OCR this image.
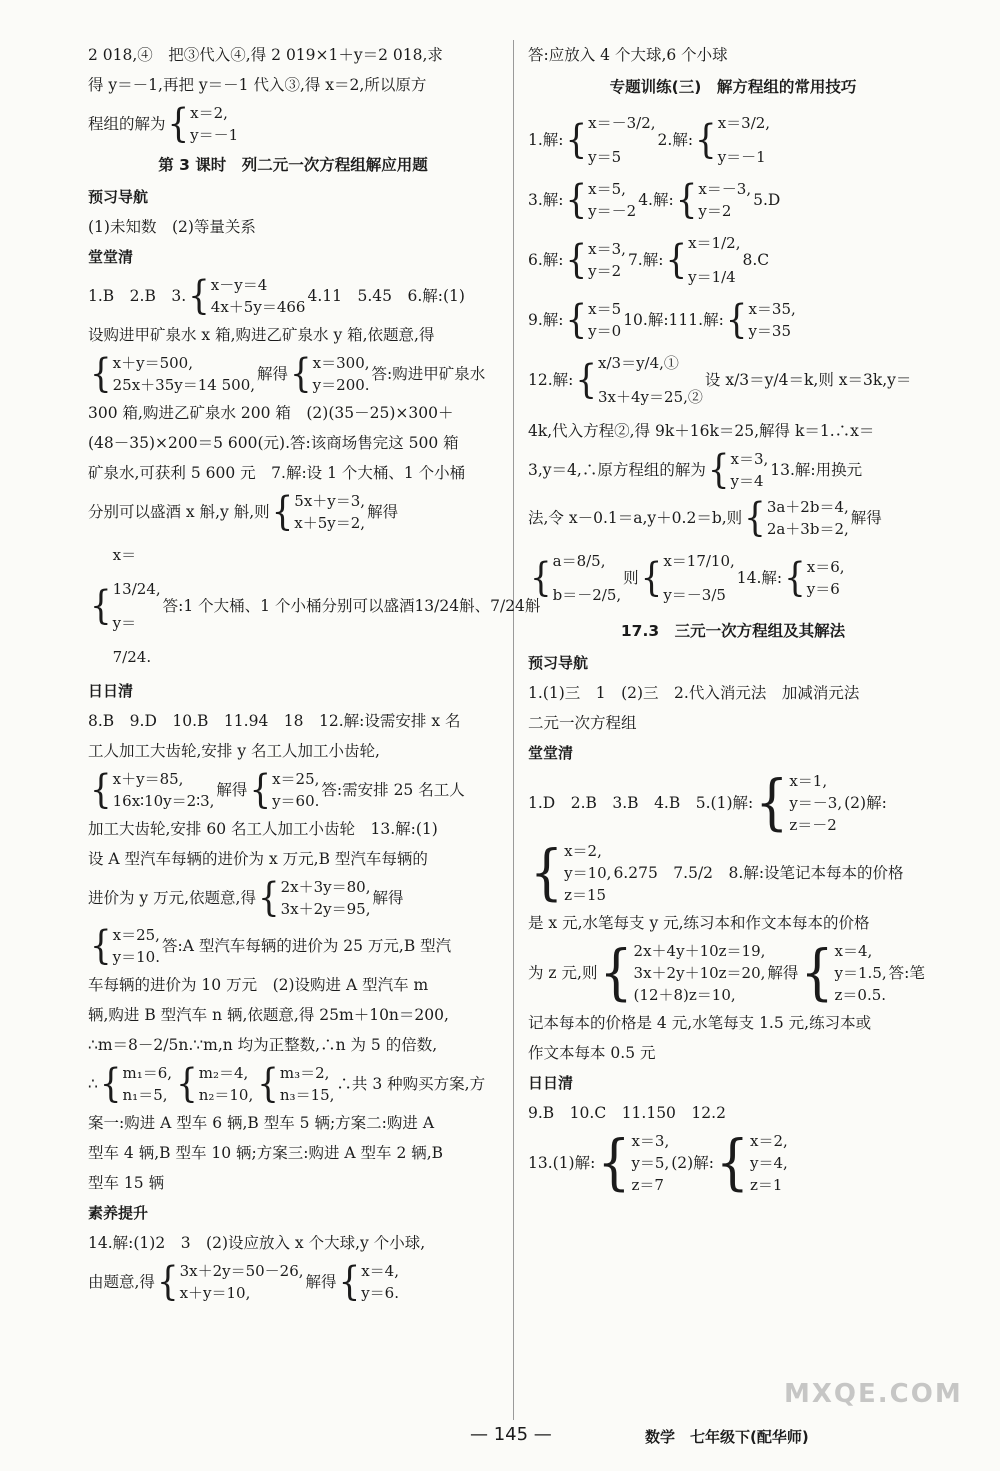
2 018,④　把③代入④,得 2 019×1＋y＝2 018,求
得 y＝－1,再把 y＝－1 代入③,得 x＝2,所以原方
程组的解为 { x＝2,
y＝－1
第 3 课时　列二元一次方程组解应用题
预习导航
(1)未知数　(2)等量关系
堂堂清
1.B　2.B　3. { x－y＝4
4x＋5y＝466
4.11　5.45　6.解:(1)
设购进甲矿泉水 x 箱,购进乙矿泉水 y 箱,依题意,得
{ x＋y＝500,
25x＋35y＝14 500,
解得 { x＝300,
y＝200.
答:购进甲矿泉水
300 箱,购进乙矿泉水 200 箱　(2)(35－25)×300＋
(48－35)×200＝5 600(元).答:该商场售完这 500 箱
矿泉水,可获利 5 600 元　7.解:设 1 个大桶、1 个小桶
分别可以盛酒 x 斛,y 斛,则 { 5x＋y＝3,
x＋5y＝2,
解得
{
x＝13/24,
y＝7/24.
答:1 个大桶、1 个小桶分别可以盛酒13/24斛、7/24斛
日日清
8.B　9.D　10.B　11.94　18　12.解:设需安排 x 名
工人加工大齿轮,安排 y 名工人加工小齿轮,
{ x＋y＝85,
16x∶10y＝2∶3,
解得 { x＝25,
y＝60.
答:需安排 25 名工人
加工大齿轮,安排 60 名工人加工小齿轮　13.解:(1)
设 A 型汽车每辆的进价为 x 万元,B 型汽车每辆的
进价为 y 万元,依题意,得 { 2x＋3y＝80,
3x＋2y＝95,
解得
{ x＝25,
y＝10.
答:A 型汽车每辆的进价为 25 万元,B 型汽
车每辆的进价为 10 万元　(2)设购进 A 型汽车 m
辆,购进 B 型汽车 n 辆,依题意,得 25m＋10n＝200,
∴m＝8－2/5n.∵m,n 均为正整数,∴n 为 5 的倍数,
∴ { m₁＝6,
n₁＝5, { m₂＝4,
n₂＝10, { m₃＝2,
n₃＝15,
∴共 3 种购买方案,方
案一:购进 A 型车 6 辆,B 型车 5 辆;方案二:购进 A
型车 4 辆,B 型车 10 辆;方案三:购进 A 型车 2 辆,B
型车 15 辆
素养提升
14.解:(1)2　3　(2)设应放入 x 个大球,y 个小球,
由题意,得 { 3x＋2y＝50－26,
x＋y＝10,
解得 { x＝4,
y＝6.
答:应放入 4 个大球,6 个小球
专题训练(三)　解方程组的常用技巧
1.解: { x＝－3/2,
y＝5
2.解: { x＝3/2,
y＝－1
3.解: { x＝5,
y＝－2
4.解: { x＝－3,
y＝2
5.D
6.解: { x＝3,
y＝2
7.解: { x＝1/2,
y＝1/4
8.C
9.解: { x＝5
y＝0
10.解:1 11.解: { x＝35,
y＝35
12.解: { x/3＝y/4,①
3x＋4y＝25,②
设 x/3＝y/4＝k,则 x＝3k,y＝
4k,代入方程②,得 9k＋16k＝25,解得 k＝1.∴x＝
3,y＝4,∴原方程组的解为 { x＝3,
y＝4
13.解:用换元
法,令 x－0.1＝a,y＋0.2＝b,则 { 3a＋2b＝4,
2a＋3b＝2,
解得
{ a＝8/5,
b＝－2/5,
则 { x＝17/10,
y＝－3/5
14.解: { x＝6,
y＝6
17.3　三元一次方程组及其解法
预习导航
1.(1)三　1　(2)三　2.代入消元法　加减消元法
二元一次方程组
堂堂清
1.D　2.B　3.B　4.B　5.(1)解: { x＝1,
y＝－3,
z＝－2
(2)解:
{ x＝2,
y＝10,
z＝15
6.275　7.5/2　8.解:设笔记本每本的价格
是 x 元,水笔每支 y 元,练习本和作文本每本的价格
为 z 元,则 { 2x＋4y＋10z＝19,
3x＋2y＋10z＝20,
(12＋8)z＝10,
解得 { x＝4,
y＝1.5,
z＝0.5.
答:笔
记本每本的价格是 4 元,水笔每支 1.5 元,练习本或
作文本每本 0.5 元
日日清
9.B　10.C　11.150　12.2
13.(1)解: { x＝3,
y＝5,
z＝7
(2)解: { x＝2,
y＝4,
z＝1
— 145 —	数学　七年级下(配华师)
MXQE.COM
